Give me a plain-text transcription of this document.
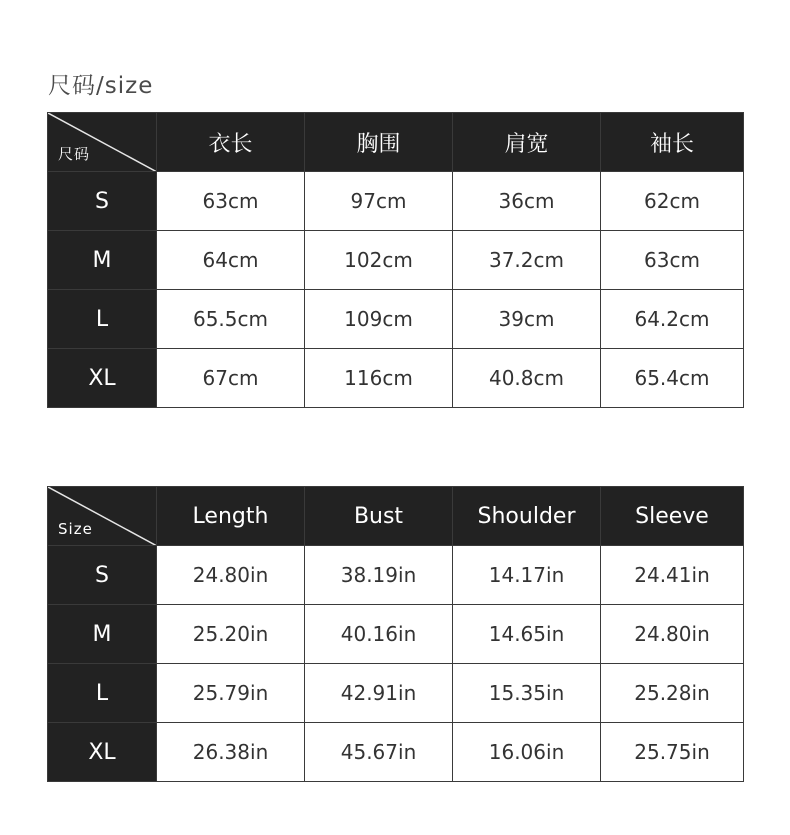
尺码/size
尺码	衣长	胸围	肩宽	袖长
S	63cm	97cm	36cm	62cm
M	64cm	102cm	37.2cm	63cm
L	65.5cm	109cm	39cm	64.2cm
XL	67cm	116cm	40.8cm	65.4cm
Size	Length	Bust	Shoulder	Sleeve
S	24.80in	38.19in	14.17in	24.41in
M	25.20in	40.16in	14.65in	24.80in
L	25.79in	42.91in	15.35in	25.28in
XL	26.38in	45.67in	16.06in	25.75in
